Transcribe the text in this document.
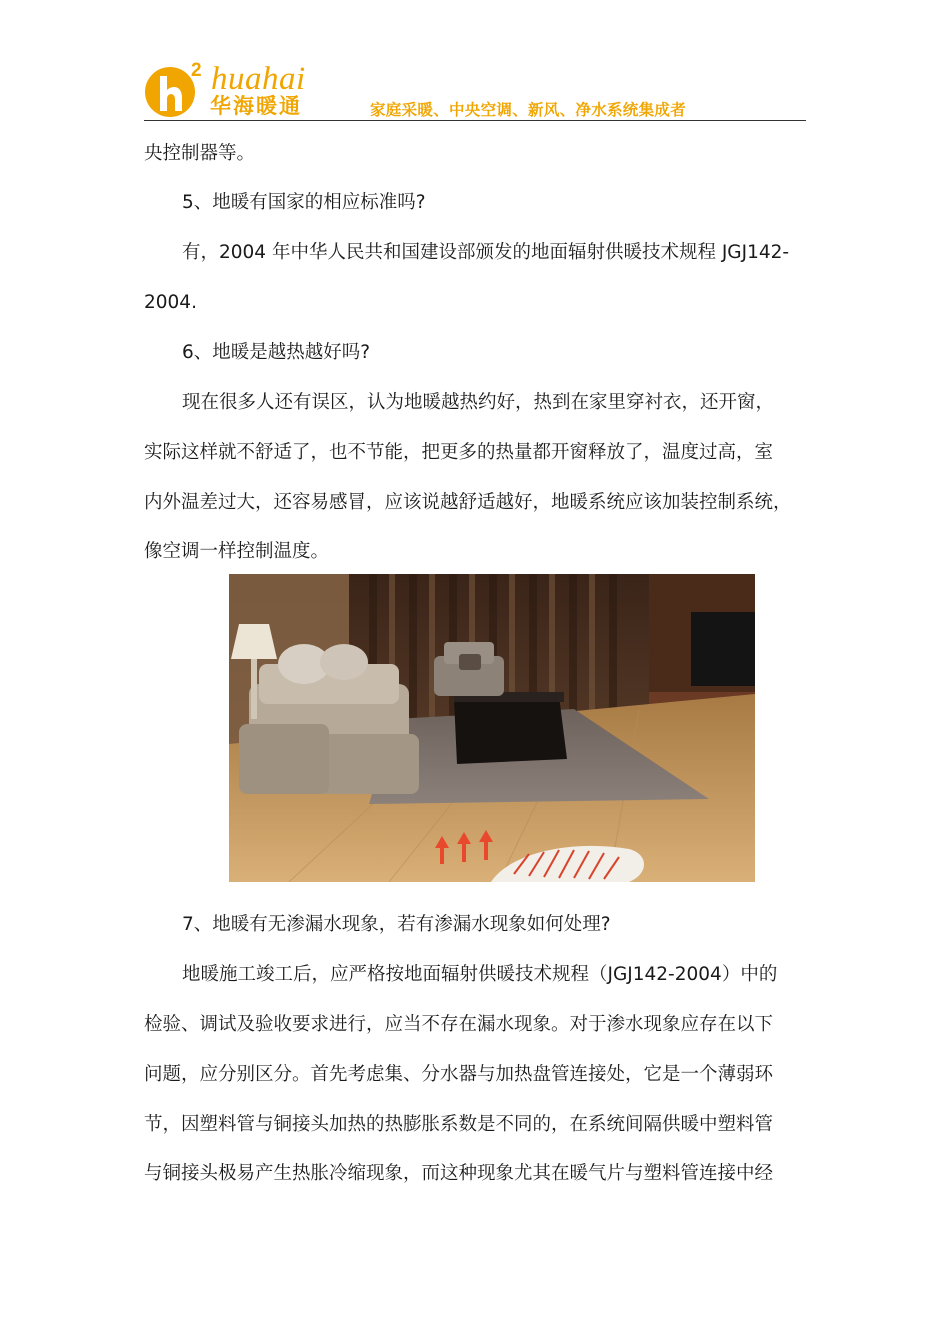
2 huahai
华海暖通	家庭采暖、中央空调、新风、净水系统集成者
央控制器等。
5、地暖有国家的相应标准吗?
有，2004 年中华人民共和国建设部颁发的地面辐射供暖技术规程 JGJ142-
2004.
6、地暖是越热越好吗?
现在很多人还有误区，认为地暖越热约好，热到在家里穿衬衣，还开窗，
实际这样就不舒适了，也不节能，把更多的热量都开窗释放了，温度过高，室
内外温差过大，还容易感冒，应该说越舒适越好，地暖系统应该加装控制系统，
像空调一样控制温度。
7、地暖有无渗漏水现象，若有渗漏水现象如何处理?
地暖施工竣工后，应严格按地面辐射供暖技术规程（JGJ142-2004）中的
检验、调试及验收要求进行，应当不存在漏水现象。对于渗水现象应存在以下
问题，应分别区分。首先考虑集、分水器与加热盘管连接处，它是一个薄弱环
节，因塑料管与铜接头加热的热膨胀系数是不同的，在系统间隔供暖中塑料管
与铜接头极易产生热胀冷缩现象，而这种现象尤其在暖气片与塑料管连接中经
